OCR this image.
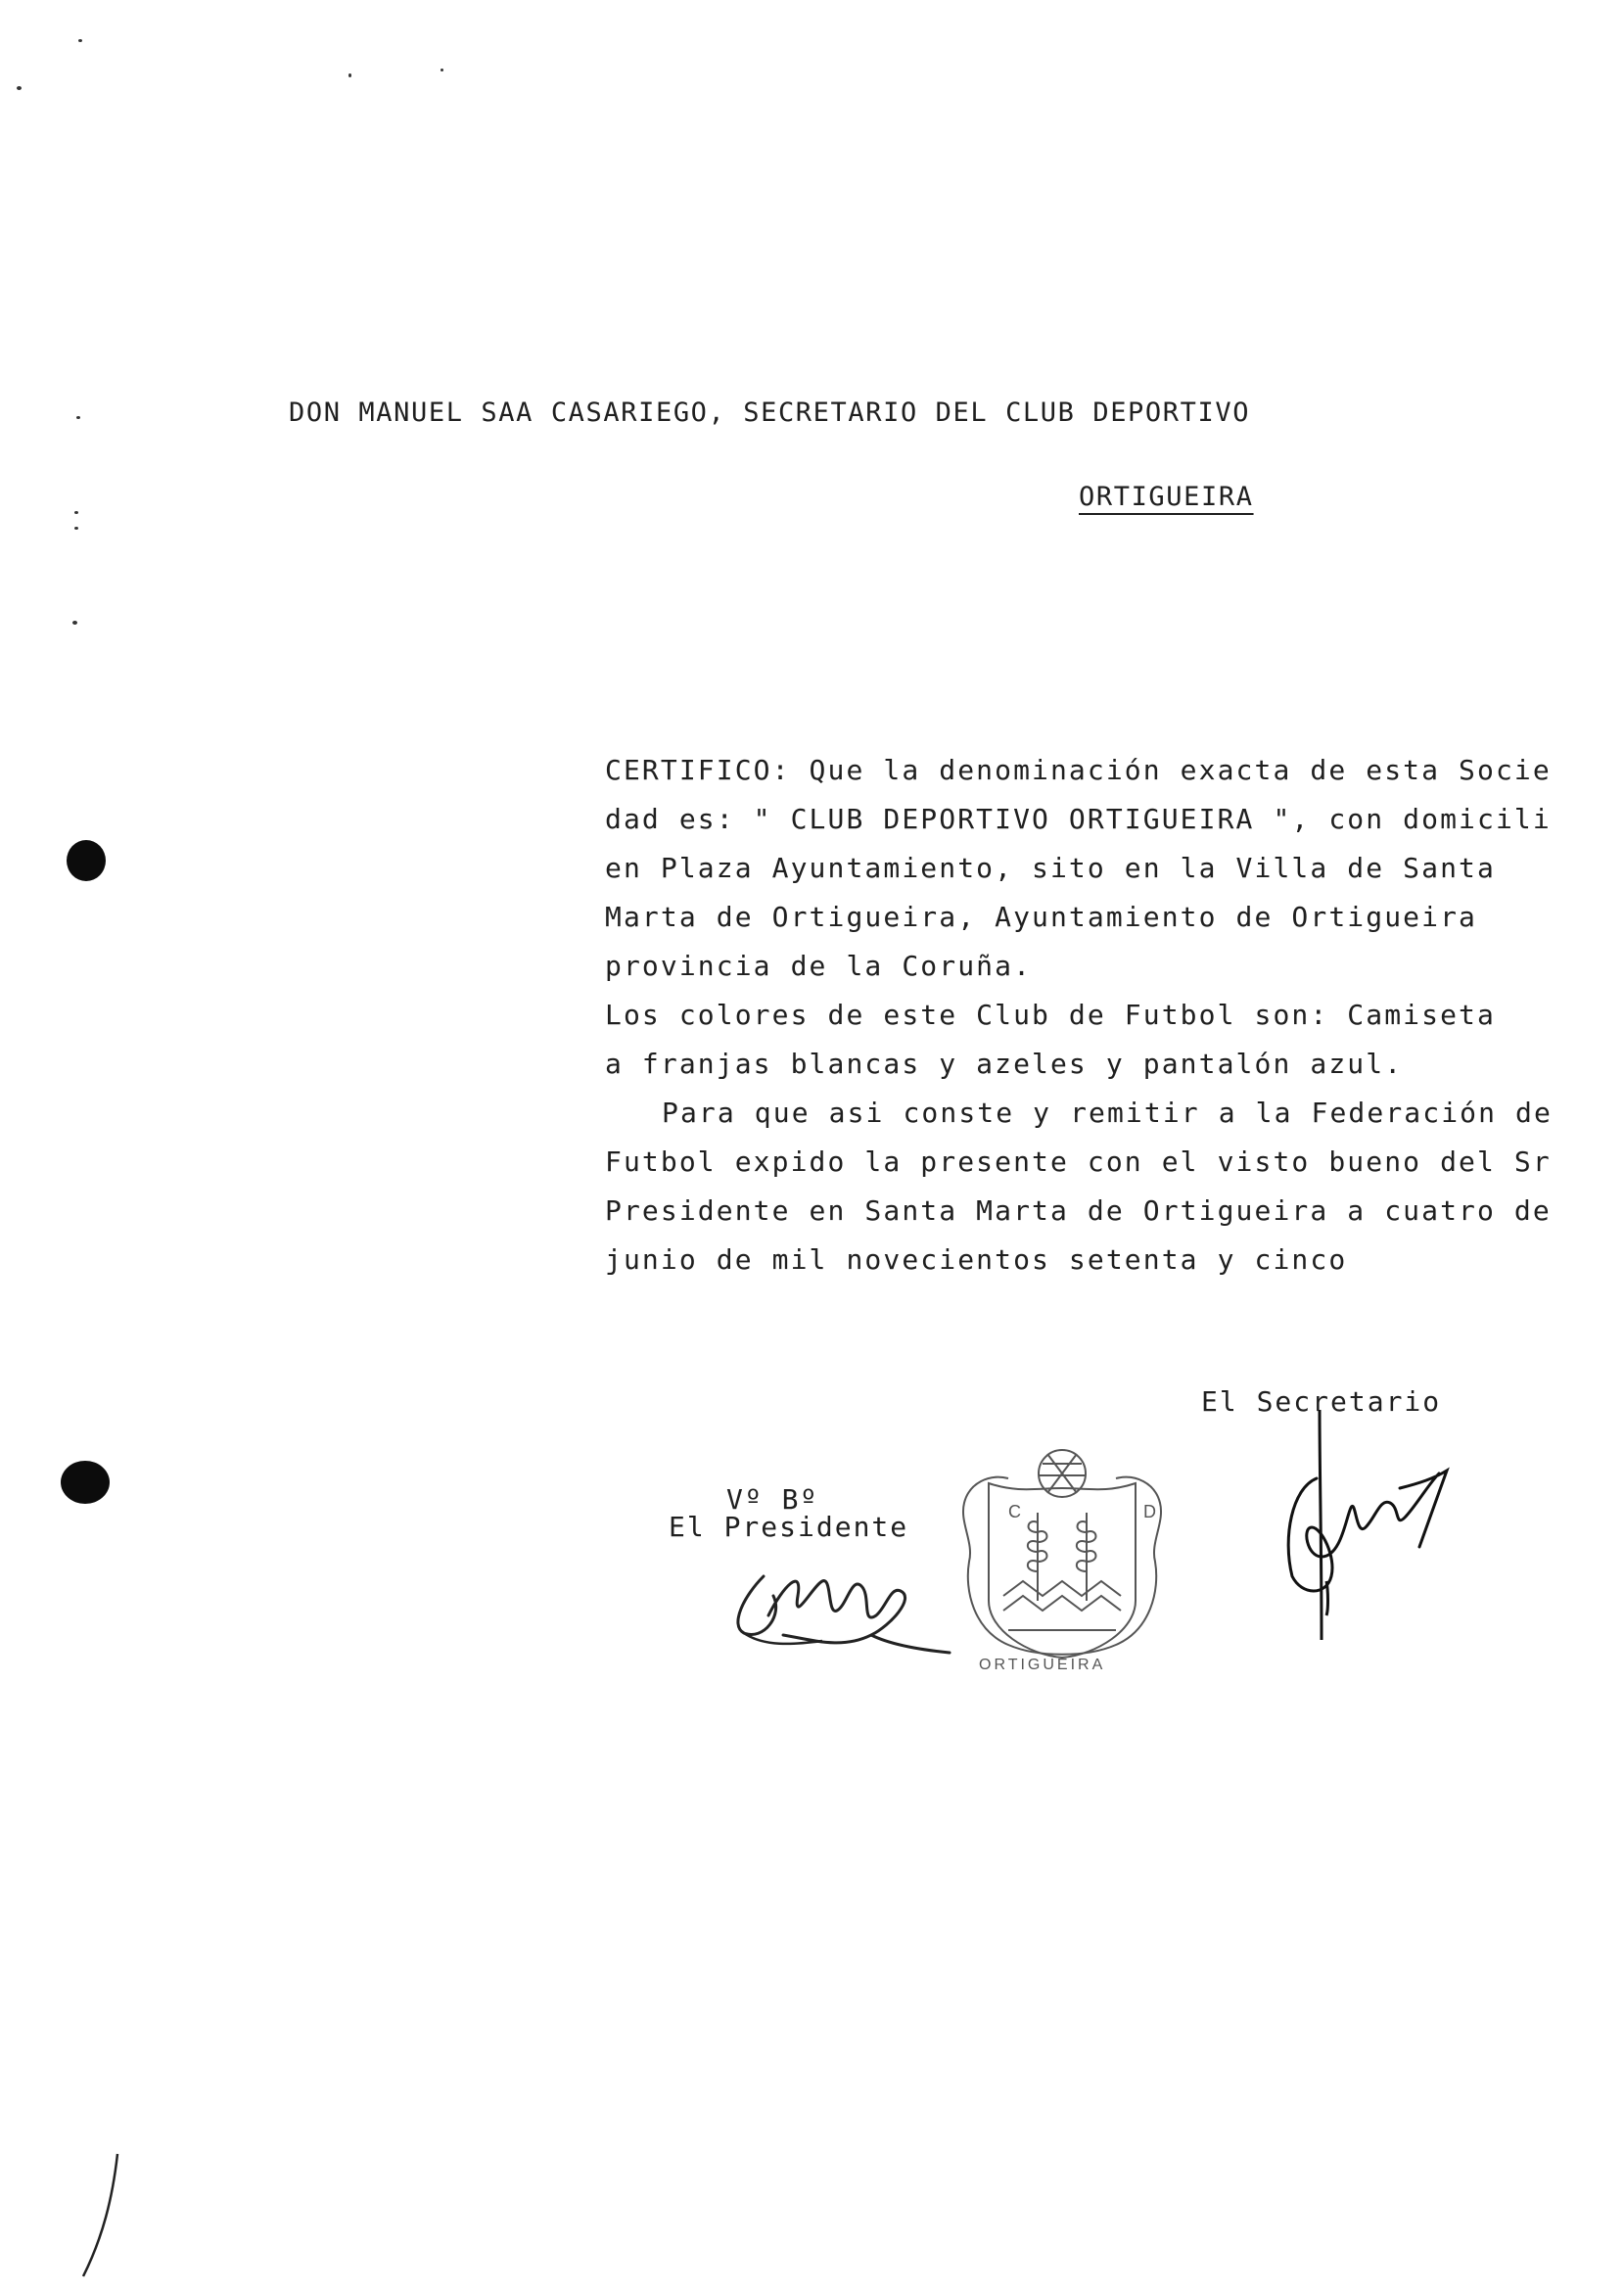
DON MANUEL SAA CASARIEGO, SECRETARIO DEL CLUB DEPORTIVO
ORTIGUEIRA
CERTIFICO: Que la denominación exacta de esta Socie
dad es: " CLUB DEPORTIVO ORTIGUEIRA ", con domicili
en Plaza Ayuntamiento, sito en la Villa de Santa
Marta de Ortigueira, Ayuntamiento de Ortigueira
provincia de la Coruña.
Los colores de este Club de Futbol son: Camiseta
a franjas blancas y azeles y pantalón azul.
Para que asi conste y remitir a la Federación de
Futbol expido la presente con el visto bueno del Sr
Presidente en Santa Marta de Ortigueira a cuatro de
junio de mil novecientos setenta y cinco
El Secretario
Vº Bº
El Presidente	C D
ORTIGUEIRA
